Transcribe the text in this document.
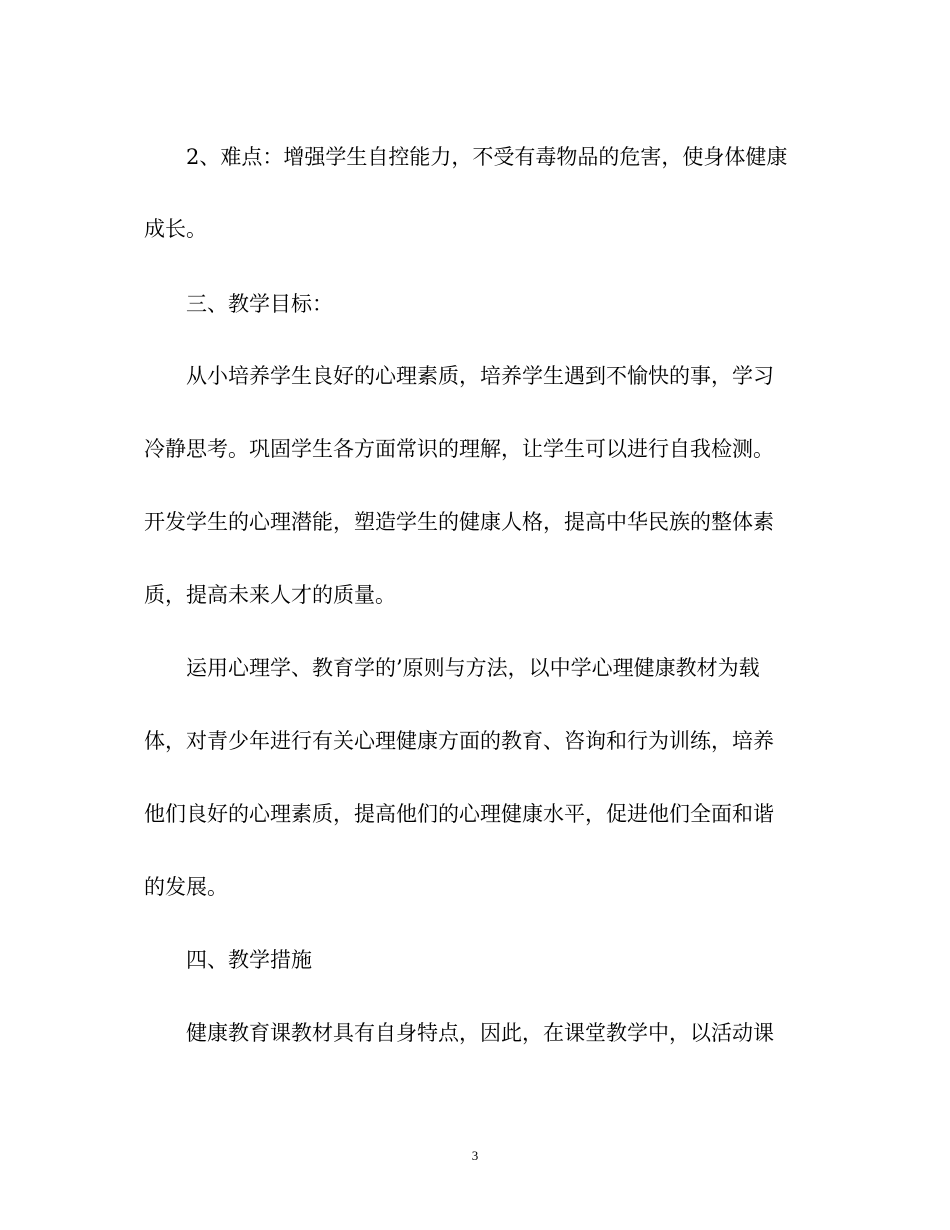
2、难点：增强学生自控能力，不受有毒物品的危害，使身体健康
成长。
三、教学目标：
从小培养学生良好的心理素质，培养学生遇到不愉快的事，学习
冷静思考。巩固学生各方面常识的理解，让学生可以进行自我检测。
开发学生的心理潜能，塑造学生的健康人格，提高中华民族的整体素
质，提高未来人才的质量。
运用心理学、教育学的’原则与方法，以中学心理健康教材为载
体，对青少年进行有关心理健康方面的教育、咨询和行为训练，培养
他们良好的心理素质，提高他们的心理健康水平，促进他们全面和谐
的发展。
四、教学措施
健康教育课教材具有自身特点，因此，在课堂教学中，以活动课
3
